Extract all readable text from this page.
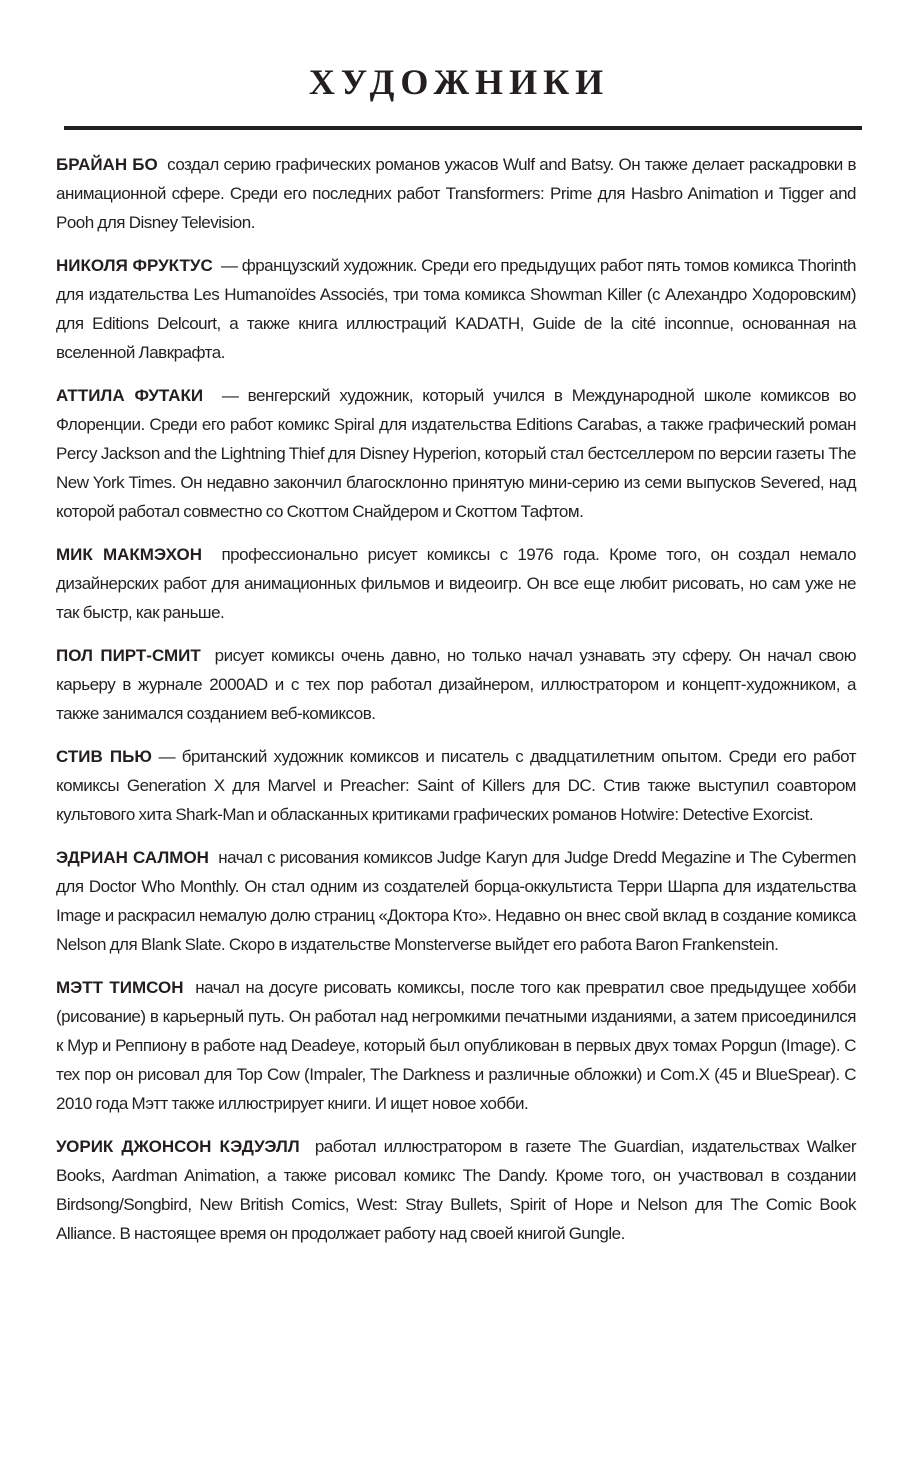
художники

БРАЙАН БО создал серию графических романов ужасов Wulf and Batsy. Он также делает раскадровки в анимационной сфере. Среди его последних работ Transformers: Prime для Hasbro Animation и Tigger and Pooh для Disney Television.

НИКОЛЯ ФРУКТУС — французский художник. Среди его предыдущих работ пять томов комикса Thorinth для издательства Les Humanoïdes Associés, три тома комикса Showman Killer (с Алехандро Ходоровским) для Editions Delcourt, а также книга иллюстраций KADATH, Guide de la cité inconnue, основанная на вселенной Лавкрафта.

АТТИЛА ФУТАКИ — венгерский художник, который учился в Международной школе комиксов во Флоренции. Среди его работ комикс Spiral для издательства Editions Carabas, а также графический роман Percy Jackson and the Lightning Thief для Disney Hyperion, который стал бестселлером по версии газеты The New York Times. Он недавно закончил благосклонно принятую мини-серию из семи выпусков Severed, над которой работал совместно со Скоттом Снайдером и Скоттом Тафтом.

МИК МАКМЭХОН профессионально рисует комиксы с 1976 года. Кроме того, он создал немало дизайнерских работ для анимационных фильмов и видеоигр. Он все еще любит рисовать, но сам уже не так быстр, как раньше.

ПОЛ ПИРТ-СМИТ рисует комиксы очень давно, но только начал узнавать эту сферу. Он начал свою карьеру в журнале 2000AD и с тех пор работал дизайнером, иллюстратором и концепт-художником, а также занимался созданием веб-комиксов.

СТИВ ПЬЮ — британский художник комиксов и писатель с двадцатилетним опытом. Среди его работ комиксы Generation X для Marvel и Preacher: Saint of Killers для DC. Стив также выступил соавтором культового хита Shark-Man и обласканных критиками графических романов Hotwire: Detective Exorcist.

ЭДРИАН САЛМОН начал с рисования комиксов Judge Karyn для Judge Dredd Megazine и The Cybermen для Doctor Who Monthly. Он стал одним из создателей борца-оккультиста Терри Шарпа для издательства Image и раскрасил немалую долю страниц «Доктора Кто». Недавно он внес свой вклад в создание комикса Nelson для Blank Slate. Скоро в издательстве Monsterverse выйдет его работа Baron Frankenstein.

МЭТТ ТИМСОН начал на досуге рисовать комиксы, после того как превратил свое предыдущее хобби (рисование) в карьерный путь. Он работал над негромкими печатными изданиями, а затем присоединился к Мур и Реппиону в работе над Deadeye, который был опубликован в первых двух томах Popgun (Image). С тех пор он рисовал для Top Cow (Impaler, The Darkness и различные обложки) и Com.X (45 и BlueSpear). С 2010 года Мэтт также иллюстрирует книги. И ищет новое хобби.

УОРИК ДЖОНСОН КЭДУЭЛЛ работал иллюстратором в газете The Guardian, издательствах Walker Books, Aardman Animation, а также рисовал комикс The Dandy. Кроме того, он участвовал в создании Birdsong/Songbird, New British Comics, West: Stray Bullets, Spirit of Hope и Nelson для The Comic Book Alliance. В настоящее время он продолжает работу над своей книгой Gungle.
